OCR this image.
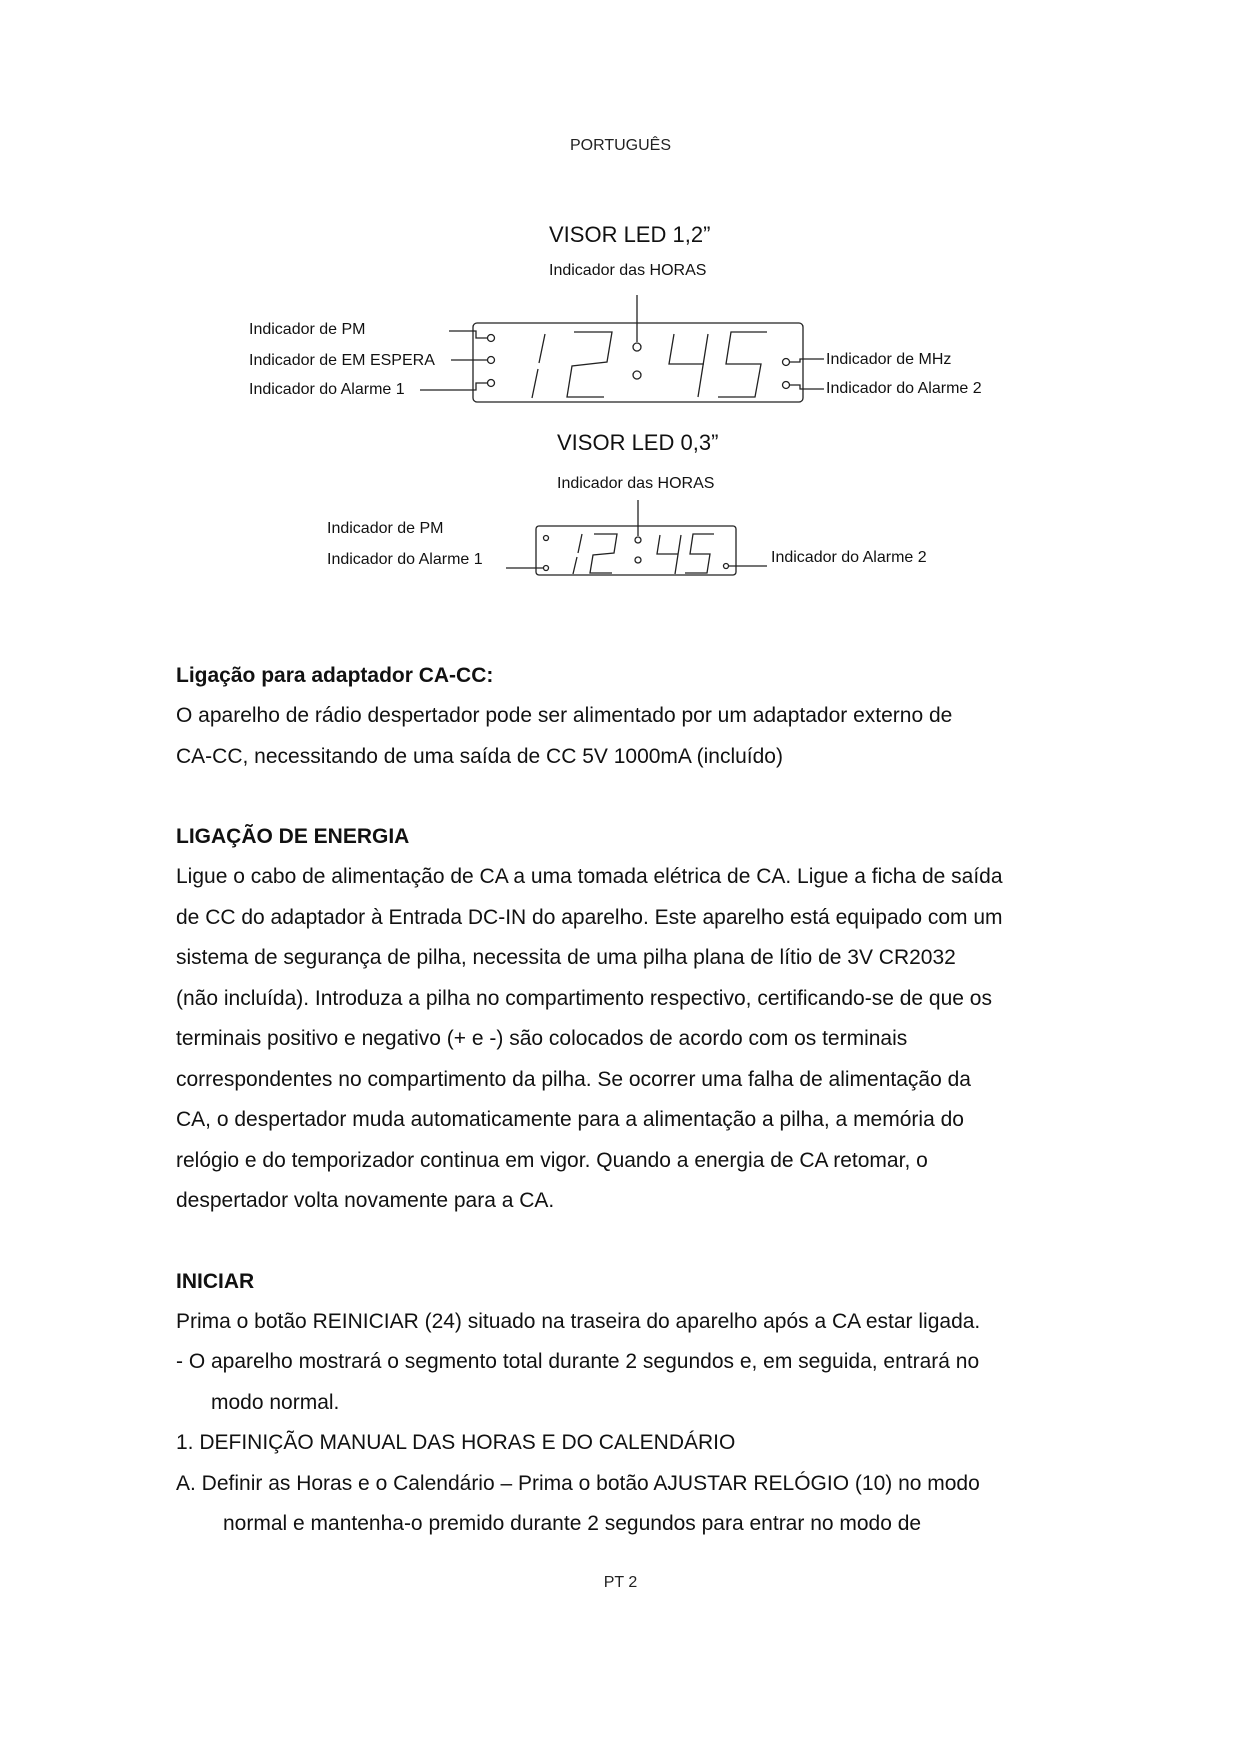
PORTUGUÊS
VISOR LED 1,2”
Indicador das HORAS
Indicador de PM
Indicador de EM ESPERA
Indicador do Alarme 1
Indicador de MHz
Indicador do Alarme 2
VISOR LED 0,3”
Indicador das HORAS
Indicador de PM
Indicador do Alarme 1	Indicador do Alarme 2

Ligação para adaptador CA-CC:

O aparelho de rádio despertador pode ser alimentado por um adaptador externo de

CA-CC, necessitando de uma saída de CC 5V 1000mA (incluído)

LIGAÇÃO DE ENERGIA

Ligue o cabo de alimentação de CA a uma tomada elétrica de CA. Ligue a ficha de saída

de CC do adaptador à Entrada DC-IN do aparelho. Este aparelho está equipado com um

sistema de segurança de pilha, necessita de uma pilha plana de lítio de 3V CR2032

(não incluída). Introduza a pilha no compartimento respectivo, certificando-se de que os

terminais positivo e negativo (+ e -) são colocados de acordo com os terminais

correspondentes no compartimento da pilha. Se ocorrer uma falha de alimentação da

CA, o despertador muda automaticamente para a alimentação a pilha, a memória do

relógio e do temporizador continua em vigor. Quando a energia de CA retomar, o

despertador volta novamente para a CA.

INICIAR

Prima o botão REINICIAR (24) situado na traseira do aparelho após a CA estar ligada.

- O aparelho mostrará o segmento total durante 2 segundos e, em seguida, entrará no

modo normal.

1. DEFINIÇÃO MANUAL DAS HORAS E DO CALENDÁRIO

A. Definir as Horas e o Calendário – Prima o botão AJUSTAR RELÓGIO (10) no modo

normal e mantenha-o premido durante 2 segundos para entrar no modo de

PT 2
